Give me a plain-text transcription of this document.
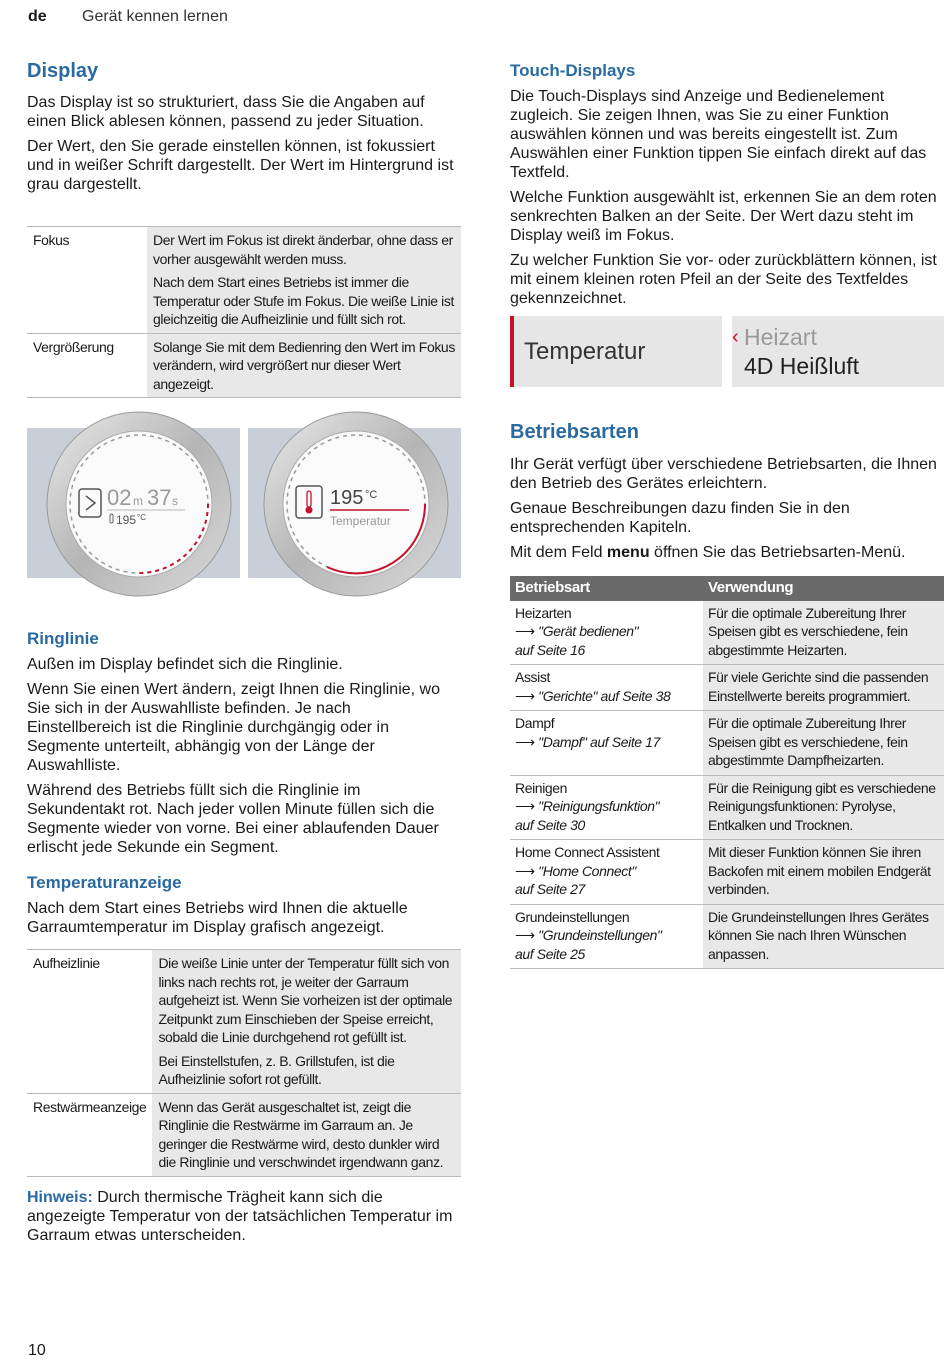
de Gerät kennen lernen
Display

Das Display ist so strukturiert, dass Sie die Angaben auf einen Blick ablesen können, passend zu jeder Situation.

Der Wert, den Sie gerade einstellen können, ist fokussiert und in weißer Schrift dargestellt. Der Wert im Hintergrund ist grau dargestellt.

Fokus	Der Wert im Fokus ist direkt änderbar, ohne dass er vorher ausgewählt werden muss.
Nach dem Start eines Betriebs ist immer die Temperatur oder Stufe im Fokus. Die weiße Linie ist gleichzeitig die Aufheizlinie und füllt sich rot.

Vergrößerung	Solange Sie mit dem Bedienring den Wert im Fokus verändern, wird vergrößert nur dieser Wert angezeigt.
02 m 37 s
195 °C
195 °C
Temperatur
Ringlinie

Außen im Display befindet sich die Ringlinie.

Wenn Sie einen Wert ändern, zeigt Ihnen die Ringlinie, wo Sie sich in der Auswahlliste befinden. Je nach Einstellbereich ist die Ringlinie durchgängig oder in Segmente unterteilt, abhängig von der Länge der Auswahlliste.

Während des Betriebs füllt sich die Ringlinie im Sekundentakt rot. Nach jeder vollen Minute füllen sich die Segmente wieder von vorne. Bei einer ablaufenden Dauer erlischt jede Sekunde ein Segment.

Temperaturanzeige
Nach dem Start eines Betriebs wird Ihnen die aktuelle Garraumtemperatur im Display grafisch angezeigt.
Aufheizlinie	Die weiße Linie unter der Temperatur füllt sich von links nach rechts rot, je weiter der Garraum aufgeheizt ist. Wenn Sie vorheizen ist der optimale Zeitpunkt zum Einschieben der Speise erreicht, sobald die Linie durchgehend rot gefüllt ist.
Bei Einstellstufen, z. B. Grillstufen, ist die Aufheizlinie sofort rot gefüllt.

Restwärmeanzeige	Wenn das Gerät ausgeschaltet ist, zeigt die Ringlinie die Restwärme im Garraum an. Je geringer die Restwärme wird, desto dunkler wird die Ringlinie und verschwindet irgendwann ganz.
Hinweis: Durch thermische Trägheit kann sich die angezeigte Temperatur von der tatsächlichen Temperatur im Garraum etwas unterscheiden.
Touch-Displays

Die Touch-Displays sind Anzeige und Bedienelement zugleich. Sie zeigen Ihnen, was Sie zu einer Funktion auswählen können und was bereits eingestellt ist. Zum Auswählen einer Funktion tippen Sie einfach direkt auf das Textfeld.

Welche Funktion ausgewählt ist, erkennen Sie an dem roten senkrechten Balken an der Seite. Der Wert dazu steht im Display weiß im Fokus.

Zu welcher Funktion Sie vor- oder zurückblättern können, ist mit einem kleinen roten Pfeil an der Seite des Textfeldes gekennzeichnet.

Temperatur
‹ Heizart
4D Heißluft
Betriebsarten

Ihr Gerät verfügt über verschiedene Betriebsarten, die Ihnen den Betrieb des Gerätes erleichtern.

Genaue Beschreibungen dazu finden Sie in den entsprechenden Kapiteln.

Mit dem Feld menu öffnen Sie das Betriebsarten-Menü.

Betriebsart	Verwendung

Heizarten
⟶ "Gerät bedienen"
auf Seite 16	Für die optimale Zubereitung Ihrer Speisen gibt es verschiedene, fein abgestimmte Heizarten.

Assist
⟶ "Gerichte" auf Seite 38	Für viele Gerichte sind die passenden Einstellwerte bereits programmiert.

Dampf
⟶ "Dampf" auf Seite 17	Für die optimale Zubereitung Ihrer Speisen gibt es verschiedene, fein abgestimmte Dampfheizarten.

Reinigen
⟶ "Reinigungsfunktion"
auf Seite 30	Für die Reinigung gibt es verschiedene Reinigungsfunktionen: Pyrolyse, Entkalken und Trocknen.

Home Connect Assistent
⟶ "Home Connect"
auf Seite 27	Mit dieser Funktion können Sie ihren Backofen mit einem mobilen Endgerät verbinden.

Grundeinstellungen
⟶ "Grundeinstellungen"
auf Seite 25	Die Grundeinstellungen Ihres Gerätes können Sie nach Ihren Wünschen anpassen.
10
